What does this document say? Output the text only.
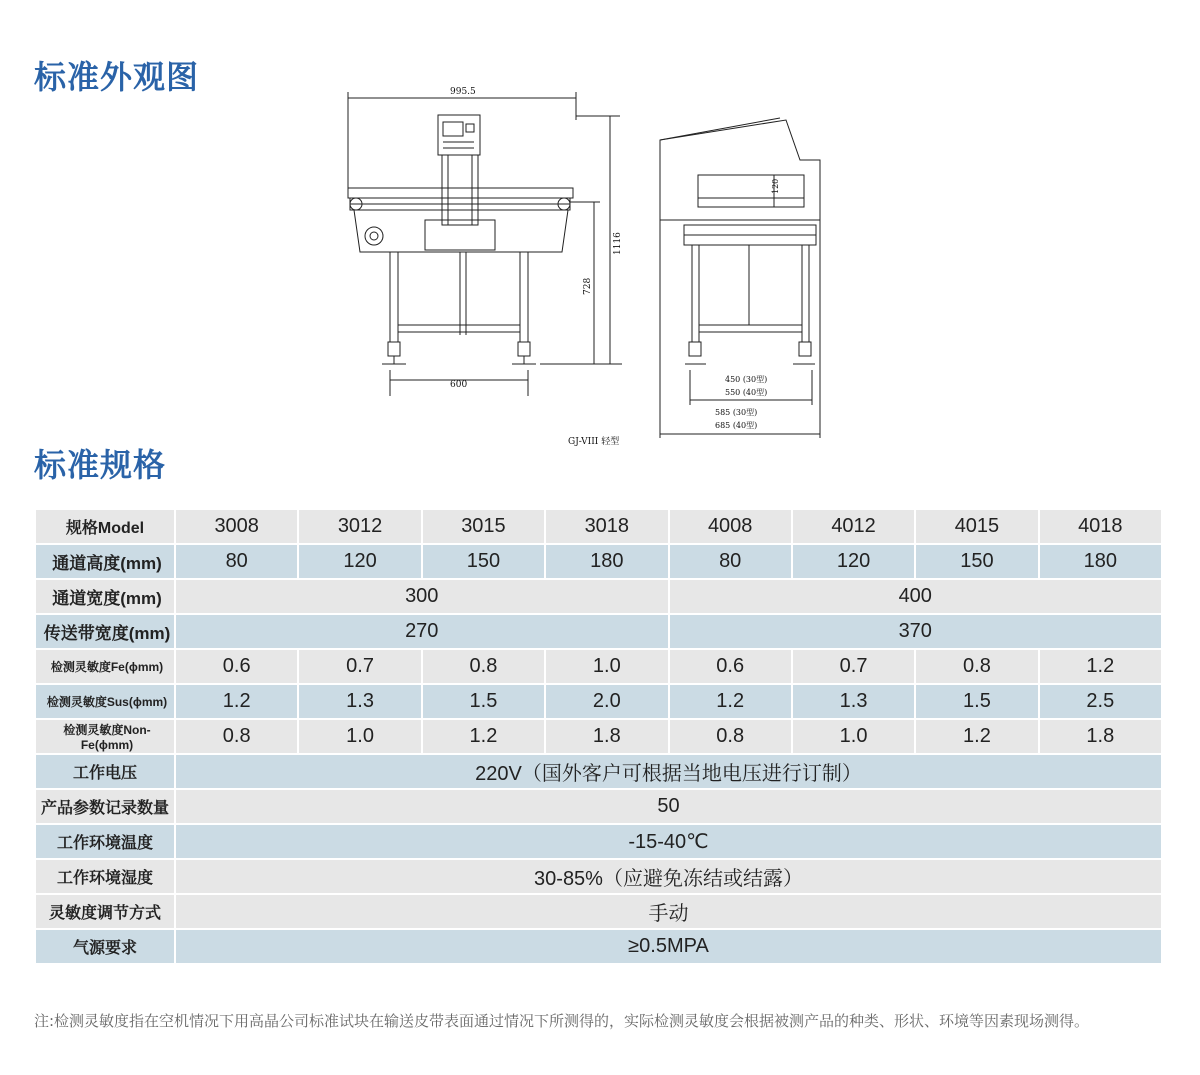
标准外观图	995.5
600
1116
728
120
450 (30型)
550 (40型)
585 (30型)
685 (40型)
GJ-VIII 轻型
标准规格
规格Model	3008	3012	3015	3018	4008	4012	4015	4018
通道高度(mm)	80	120	150	180	80	120	150	180
通道宽度(mm)	300				400			
传送带宽度(mm)	270				370			
检测灵敏度Fe(ϕmm)	0.6	0.7	0.8	1.0	0.6	0.7	0.8	1.2
检测灵敏度Sus(ϕmm)	1.2	1.3	1.5	2.0	1.2	1.3	1.5	2.5
检测灵敏度Non-Fe(ϕmm)	0.8	1.0	1.2	1.8	0.8	1.0	1.2	1.8
工作电压	220V（国外客户可根据当地电压进行订制）							
产品参数记录数量	50							
工作环境温度	-15-40℃							
工作环境湿度	30-85%（应避免冻结或结露）							
灵敏度调节方式	手动							
气源要求	≥0.5MPA							
注:检测灵敏度指在空机情况下用高晶公司标准试块在输送皮带表面通过情况下所测得的，实际检测灵敏度会根据被测产品的种类、形状、环境等因素现场测得。
